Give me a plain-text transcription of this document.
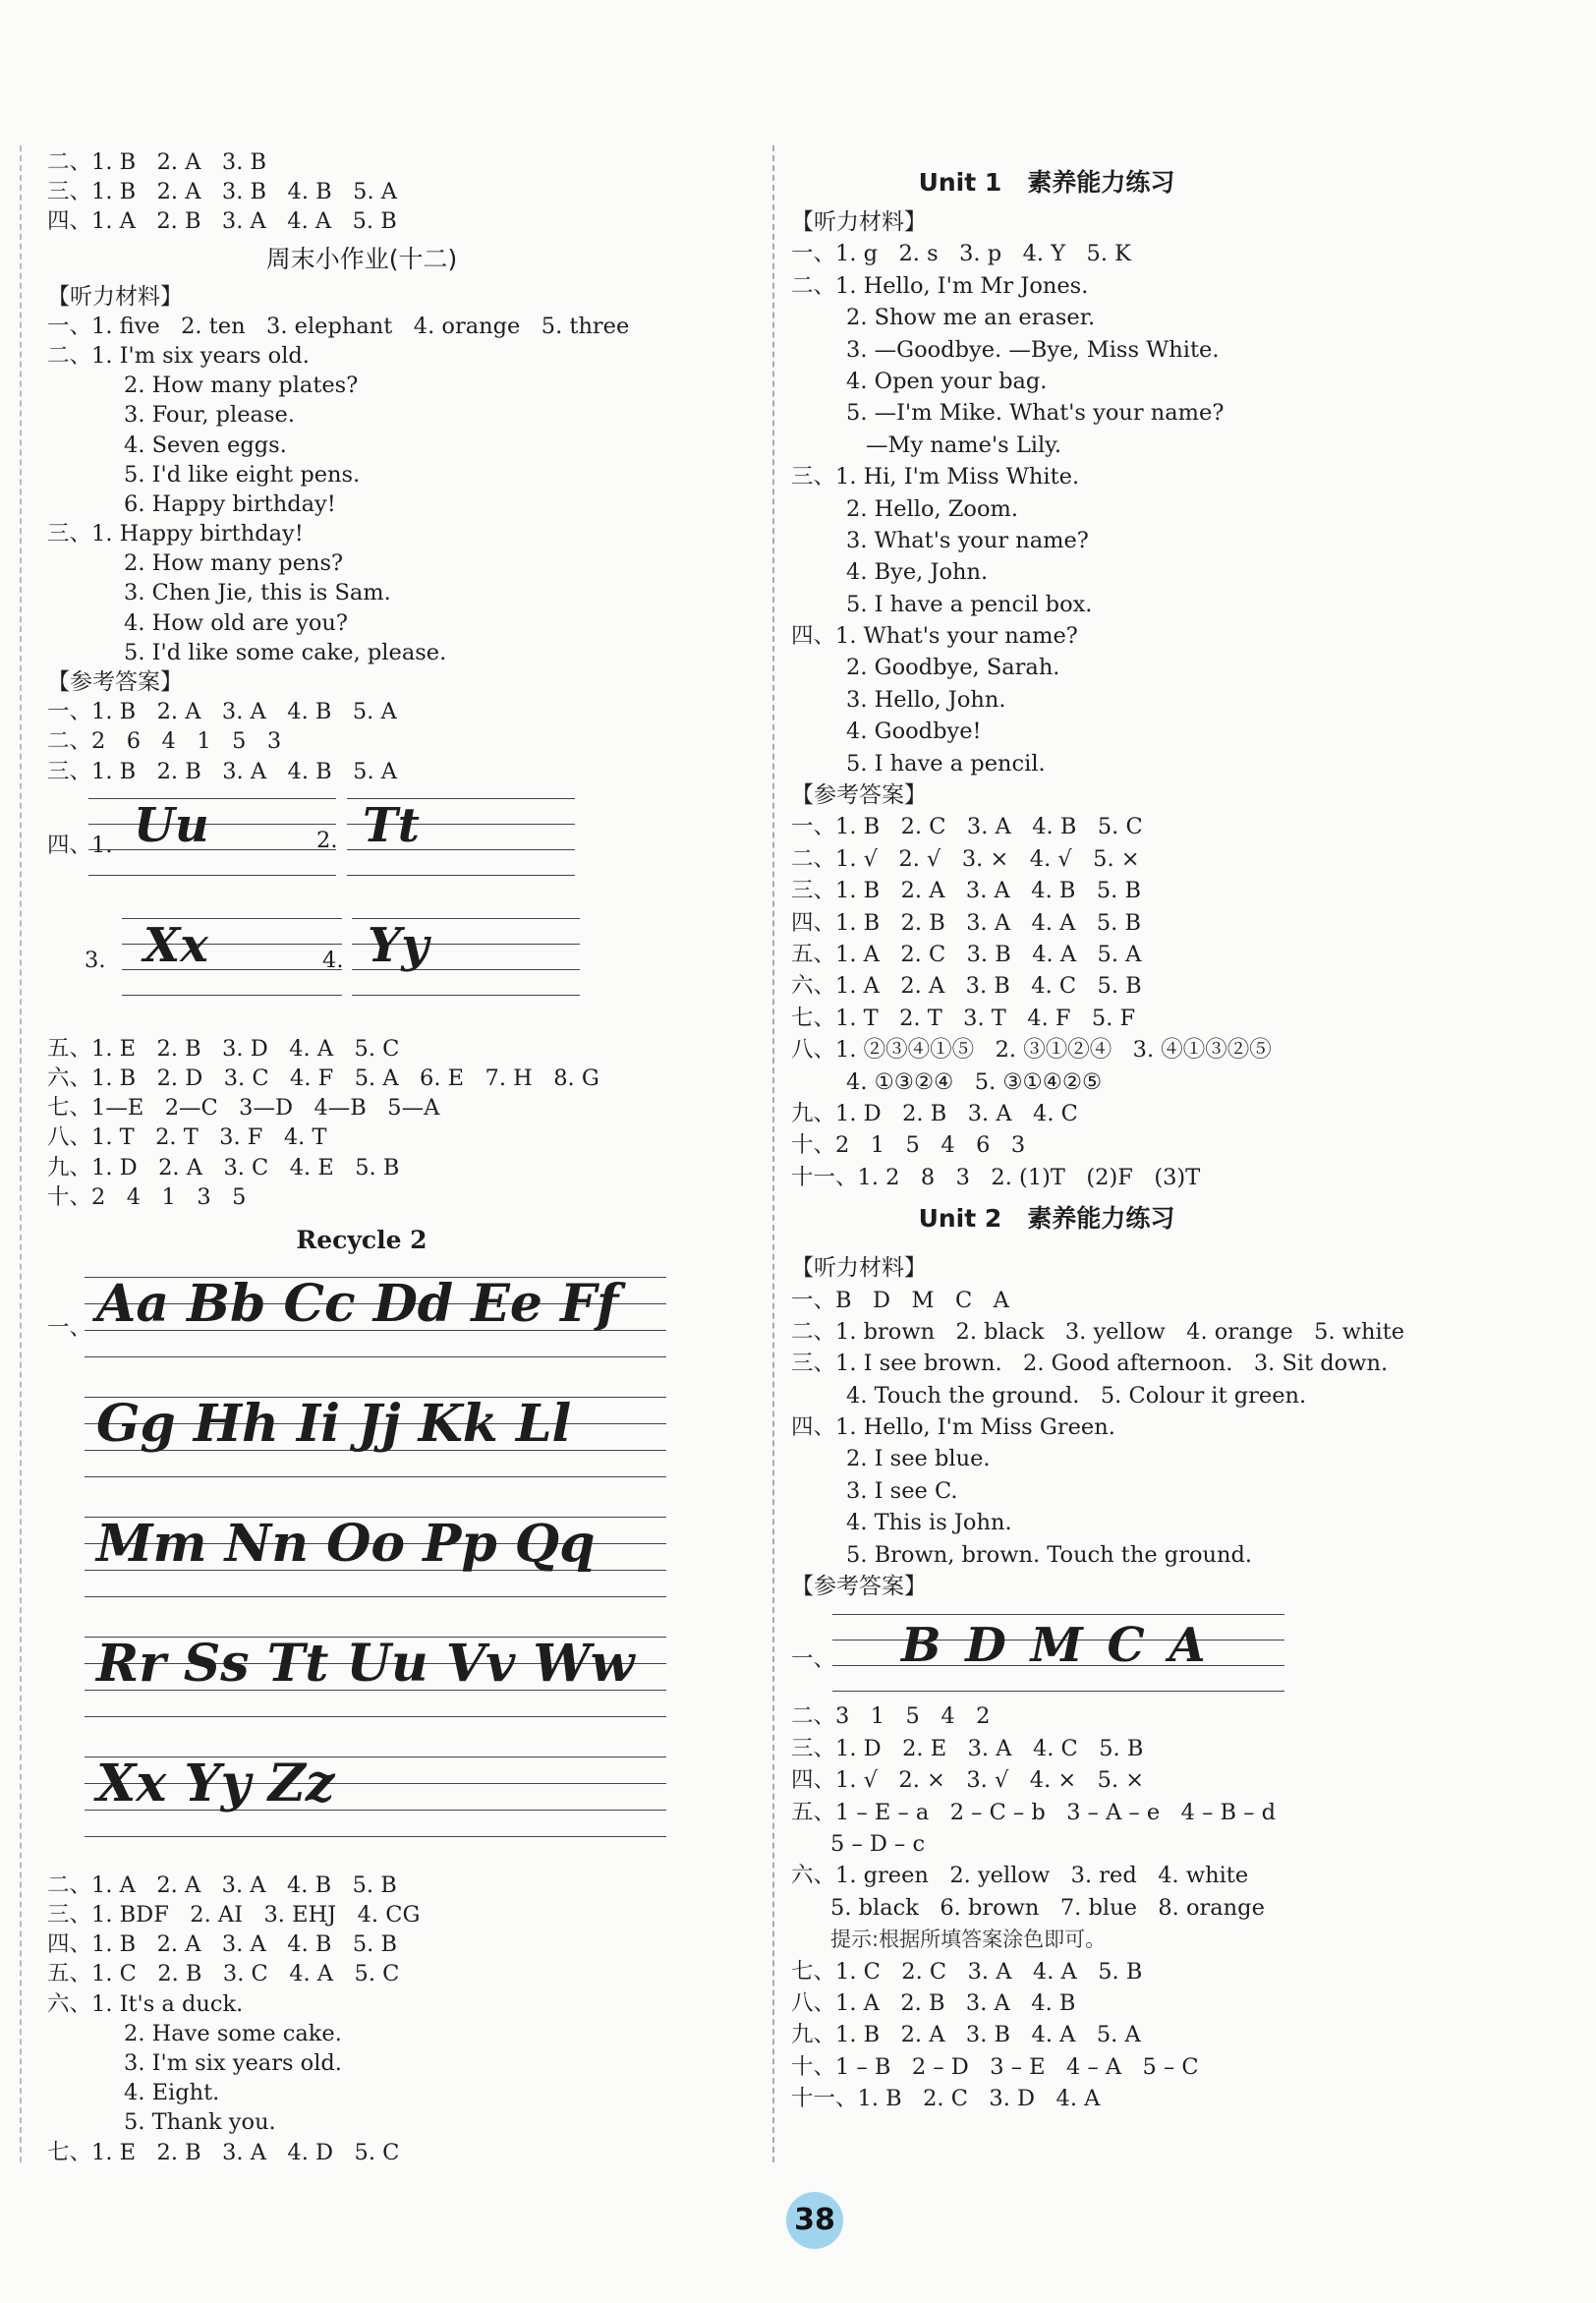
二、1. B   2. A   3. B
三、1. B   2. A   3. B   4. B   5. A
四、1. A   2. B   3. A   4. A   5. B
周末小作业(十二)
【听力材料】
一、1. five   2. ten   3. elephant   4. orange   5. three
二、1. I'm six years old.
2. How many plates?
3. Four, please.
4. Seven eggs.
5. I'd like eight pens.
6. Happy birthday!
三、1. Happy birthday!
2. How many pens?
3. Chen Jie, this is Sam.
4. How old are you?
5. I'd like some cake, please.
【参考答案】
一、1. B   2. A   3. A   4. B   5. A
二、2   6   4   1   5   3
三、1. B   2. B   3. A   4. B   5. A
四、1. Uu	2. Tt
3. Xx	4. Yy
五、1. E   2. B   3. D   4. A   5. C
六、1. B   2. D   3. C   4. F   5. A   6. E   7. H   8. G
七、1—E   2—C   3—D   4—B   5—A
八、1. T   2. T   3. F   4. T
九、1. D   2. A   3. C   4. E   5. B
十、2   4   1   3   5
Recycle 2
一、 Aa Bb Cc Dd Ee Ff
Gg Hh Ii Jj Kk Ll
Mm Nn Oo Pp Qq
Rr Ss Tt Uu Vv Ww
Xx Yy Zz
二、1. A   2. A   3. A   4. B   5. B
三、1. BDF   2. AI   3. EHJ   4. CG
四、1. B   2. A   3. A   4. B   5. B
五、1. C   2. B   3. C   4. A   5. C
六、1. It's a duck.
2. Have some cake.
3. I'm six years old.
4. Eight.
5. Thank you.
七、1. E   2. B   3. A   4. D   5. C
Unit 1   素养能力练习
【听力材料】
一、1. g   2. s   3. p   4. Y   5. K
二、1. Hello, I'm Mr Jones.
2. Show me an eraser.
3. —Goodbye. —Bye, Miss White.
4. Open your bag.
5. —I'm Mike. What's your name?
—My name's Lily.
三、1. Hi, I'm Miss White.
2. Hello, Zoom.
3. What's your name?
4. Bye, John.
5. I have a pencil box.
四、1. What's your name?
2. Goodbye, Sarah.
3. Hello, John.
4. Goodbye!
5. I have a pencil.
【参考答案】
一、1. B   2. C   3. A   4. B   5. C
二、1. √   2. √   3. ×   4. √   5. ×
三、1. B   2. A   3. A   4. B   5. B
四、1. B   2. B   3. A   4. A   5. B
五、1. A   2. C   3. B   4. A   5. A
六、1. A   2. A   3. B   4. C   5. B
七、1. T   2. T   3. T   4. F   5. F
八、1. ②③④①⑤   2. ③①②④   3. ④①③②⑤
4. ①③②④   5. ③①④②⑤
九、1. D   2. B   3. A   4. C
十、2   1   5   4   6   3
十一、1. 2   8   3   2. (1)T   (2)F   (3)T
Unit 2   素养能力练习
【听力材料】
一、B   D   M   C   A
二、1. brown   2. black   3. yellow   4. orange   5. white
三、1. I see brown.   2. Good afternoon.   3. Sit down.
4. Touch the ground.   5. Colour it green.
四、1. Hello, I'm Miss Green.
2. I see blue.
3. I see C.
4. This is John.
5. Brown, brown. Touch the ground.
【参考答案】
一、 B D M C A
二、3   1   5   4   2
三、1. D   2. E   3. A   4. C   5. B
四、1. √   2. ×   3. √   4. ×   5. ×
五、1 – E – a   2 – C – b   3 – A – e   4 – B – d
5 – D – c
六、1. green   2. yellow   3. red   4. white
5. black   6. brown   7. blue   8. orange
提示:根据所填答案涂色即可。
七、1. C   2. C   3. A   4. A   5. B
八、1. A   2. B   3. A   4. B
九、1. B   2. A   3. B   4. A   5. A
十、1 – B   2 – D   3 – E   4 – A   5 – C
十一、1. B   2. C   3. D   4. A
38
